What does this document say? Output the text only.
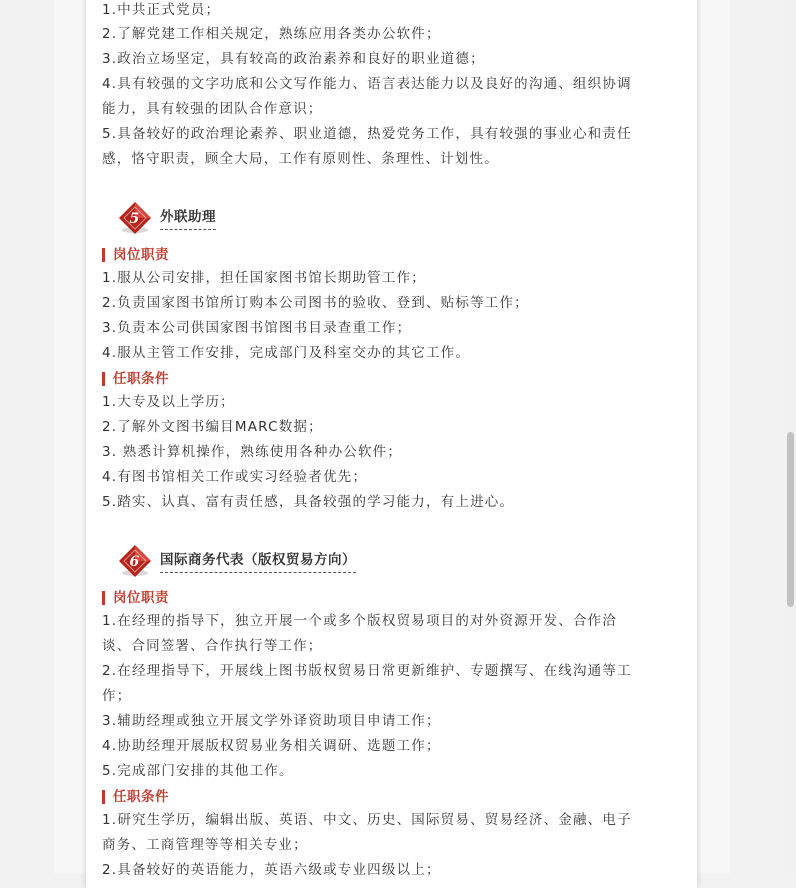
1.中共正式党员；
2.了解党建工作相关规定，熟练应用各类办公软件；
3.政治立场坚定，具有较高的政治素养和良好的职业道德；
4.具有较强的文字功底和公文写作能力、语言表达能力以及良好的沟通、组织协调
能力，具有较强的团队合作意识；
5.具备较好的政治理论素养、职业道德，热爱党务工作，具有较强的事业心和责任
感，恪守职责，顾全大局，工作有原则性、条理性、计划性。
5 外联助理
岗位职责
1.服从公司安排，担任国家图书馆长期助管工作；
2.负责国家图书馆所订购本公司图书的验收、登到、贴标等工作；
3.负责本公司供国家图书馆图书目录查重工作；
4.服从主管工作安排，完成部门及科室交办的其它工作。
任职条件
1.大专及以上学历；
2.了解外文图书编目MARC数据；
3. 熟悉计算机操作，熟练使用各种办公软件；
4.有图书馆相关工作或实习经验者优先；
5.踏实、认真、富有责任感，具备较强的学习能力，有上进心。
6 国际商务代表（版权贸易方向）
岗位职责
1.在经理的指导下，独立开展一个或多个版权贸易项目的对外资源开发、合作洽
谈、合同签署、合作执行等工作；
2.在经理指导下，开展线上图书版权贸易日常更新维护、专题撰写、在线沟通等工
作；
3.辅助经理或独立开展文学外译资助项目申请工作；
4.协助经理开展版权贸易业务相关调研、选题工作；
5.完成部门安排的其他工作。
任职条件
1.研究生学历，编辑出版、英语、中文、历史、国际贸易、贸易经济、金融、电子
商务、工商管理等等相关专业；
2.具备较好的英语能力，英语六级或专业四级以上；
